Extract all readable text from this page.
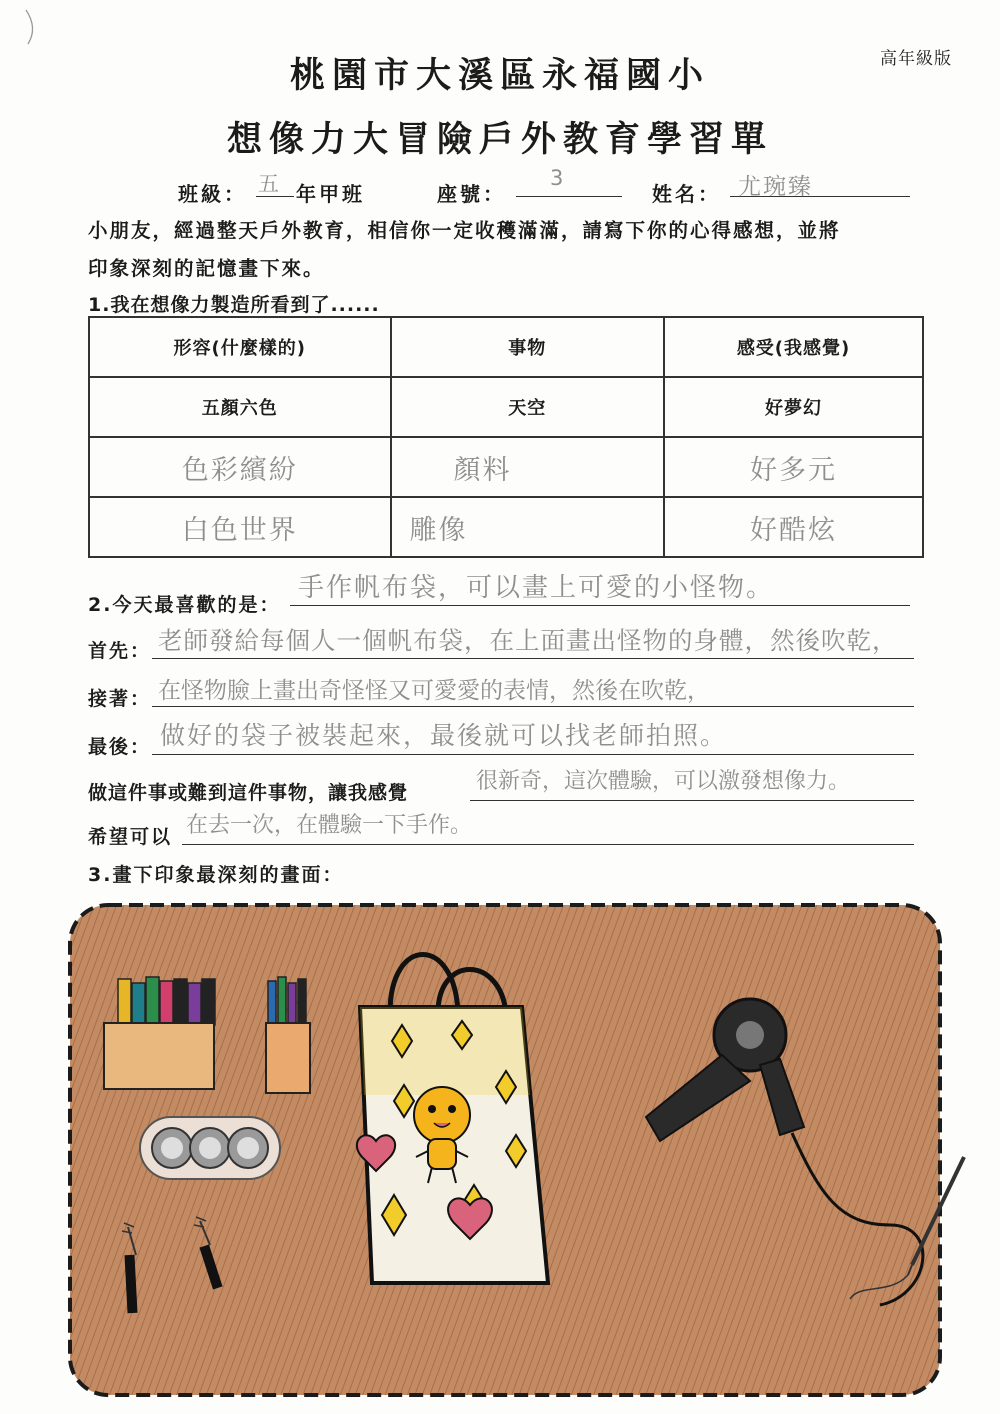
高年級版
桃園市大溪區永福國小
想像力大冒險戶外教育學習單
班級： 五 年甲班	座號：
3
姓名： 尤琬臻
小朋友，經過整天戶外教育，相信你一定收穫滿滿，請寫下你的心得感想，並將
印象深刻的記憶畫下來。
1.我在想像力製造所看到了......
形容(什麼樣的)	事物	感受(我感覺)
五顏六色	天空	好夢幻
色彩繽紛	顏料	好多元
白色世界	雕像	好酷炫
2.今天最喜歡的是：
手作帆布袋，可以畫上可愛的小怪物。
首先： 老師發給每個人一個帆布袋，在上面畫出怪物的身體，然後吹乾，
接著： 在怪物臉上畫出奇怪怪又可愛愛的表情，然後在吹乾，
最後： 做好的袋子被裝起來，最後就可以找老師拍照。
做這件事或難到這件事物，讓我感覺	很新奇，這次體驗，可以激發想像力。
希望可以 在去一次，在體驗一下手作。
3.畫下印象最深刻的畫面：
